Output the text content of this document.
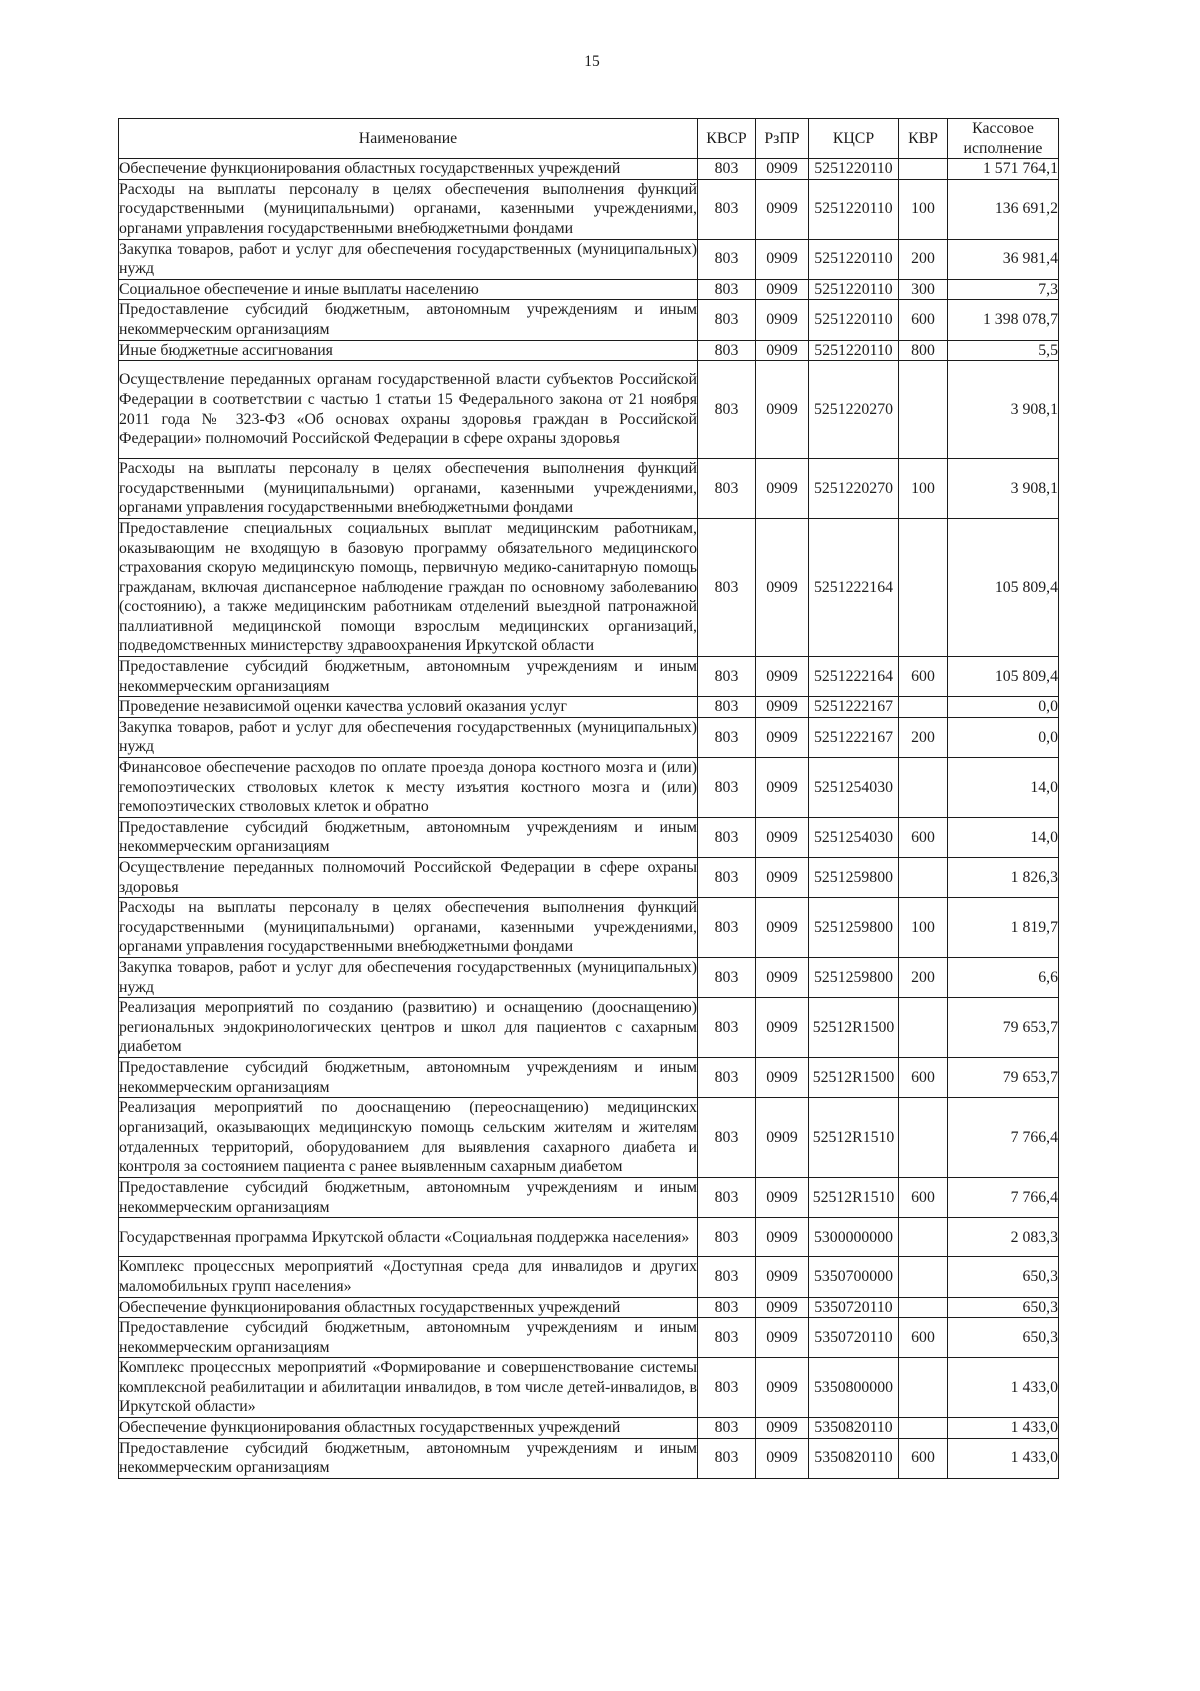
15
Наименование	КВСР	РзПР	КЦСР	КВР	Кассовое исполнение
Обеспечение функционирования областных государственных учреждений	803	0909	5251220110		1 571 764,1
Расходы на выплаты персоналу в целях обеспечения выполнения функций государственными (муниципальными) органами, казенными учреждениями, органами управления государственными внебюджетными фондами	803	0909	5251220110	100	136 691,2
Закупка товаров, работ и услуг для обеспечения государственных (муниципальных) нужд	803	0909	5251220110	200	36 981,4
Социальное обеспечение и иные выплаты населению	803	0909	5251220110	300	7,3
Предоставление субсидий бюджетным, автономным учреждениям и иным некоммерческим организациям	803	0909	5251220110	600	1 398 078,7
Иные бюджетные ассигнования	803	0909	5251220110	800	5,5
Осуществление переданных органам государственной власти субъектов Российской Федерации в соответствии с частью 1 статьи 15 Федерального закона от 21 ноября 2011 года № 323-ФЗ «Об основах охраны здоровья граждан в Российской Федерации» полномочий Российской Федерации в сфере охраны здоровья	803	0909	5251220270		3 908,1
Расходы на выплаты персоналу в целях обеспечения выполнения функций государственными (муниципальными) органами, казенными учреждениями, органами управления государственными внебюджетными фондами	803	0909	5251220270	100	3 908,1
Предоставление специальных социальных выплат медицинским работникам, оказывающим не входящую в базовую программу обязательного медицинского страхования скорую медицинскую помощь, первичную медико-санитарную помощь гражданам, включая диспансерное наблюдение граждан по основному заболеванию (состоянию), а также медицинским работникам отделений выездной патронажной паллиативной медицинской помощи взрослым медицинских организаций, подведомственных министерству здравоохранения Иркутской области	803	0909	5251222164		105 809,4
Предоставление субсидий бюджетным, автономным учреждениям и иным некоммерческим организациям	803	0909	5251222164	600	105 809,4
Проведение независимой оценки качества условий оказания услуг	803	0909	5251222167		0,0
Закупка товаров, работ и услуг для обеспечения государственных (муниципальных) нужд	803	0909	5251222167	200	0,0
Финансовое обеспечение расходов по оплате проезда донора костного мозга и (или) гемопоэтических стволовых клеток к месту изъятия костного мозга и (или) гемопоэтических стволовых клеток и обратно	803	0909	5251254030		14,0
Предоставление субсидий бюджетным, автономным учреждениям и иным некоммерческим организациям	803	0909	5251254030	600	14,0
Осуществление переданных полномочий Российской Федерации в сфере охраны здоровья	803	0909	5251259800		1 826,3
Расходы на выплаты персоналу в целях обеспечения выполнения функций государственными (муниципальными) органами, казенными учреждениями, органами управления государственными внебюджетными фондами	803	0909	5251259800	100	1 819,7
Закупка товаров, работ и услуг для обеспечения государственных (муниципальных) нужд	803	0909	5251259800	200	6,6
Реализация мероприятий по созданию (развитию) и оснащению (дооснащению) региональных эндокринологических центров и школ для пациентов с сахарным диабетом	803	0909	52512R1500		79 653,7
Предоставление субсидий бюджетным, автономным учреждениям и иным некоммерческим организациям	803	0909	52512R1500	600	79 653,7
Реализация мероприятий по дооснащению (переоснащению) медицинских организаций, оказывающих медицинскую помощь сельским жителям и жителям отдаленных территорий, оборудованием для выявления сахарного диабета и контроля за состоянием пациента с ранее выявленным сахарным диабетом	803	0909	52512R1510		7 766,4
Предоставление субсидий бюджетным, автономным учреждениям и иным некоммерческим организациям	803	0909	52512R1510	600	7 766,4
Государственная программа Иркутской области «Социальная поддержка населения»	803	0909	5300000000		2 083,3
Комплекс процессных мероприятий «Доступная среда для инвалидов и других маломобильных групп населения»	803	0909	5350700000		650,3
Обеспечение функционирования областных государственных учреждений	803	0909	5350720110		650,3
Предоставление субсидий бюджетным, автономным учреждениям и иным некоммерческим организациям	803	0909	5350720110	600	650,3
Комплекс процессных мероприятий «Формирование и совершенствование системы комплексной реабилитации и абилитации инвалидов, в том числе детей-инвалидов, в Иркутской области»	803	0909	5350800000		1 433,0
Обеспечение функционирования областных государственных учреждений	803	0909	5350820110		1 433,0
Предоставление субсидий бюджетным, автономным учреждениям и иным некоммерческим организациям	803	0909	5350820110	600	1 433,0
